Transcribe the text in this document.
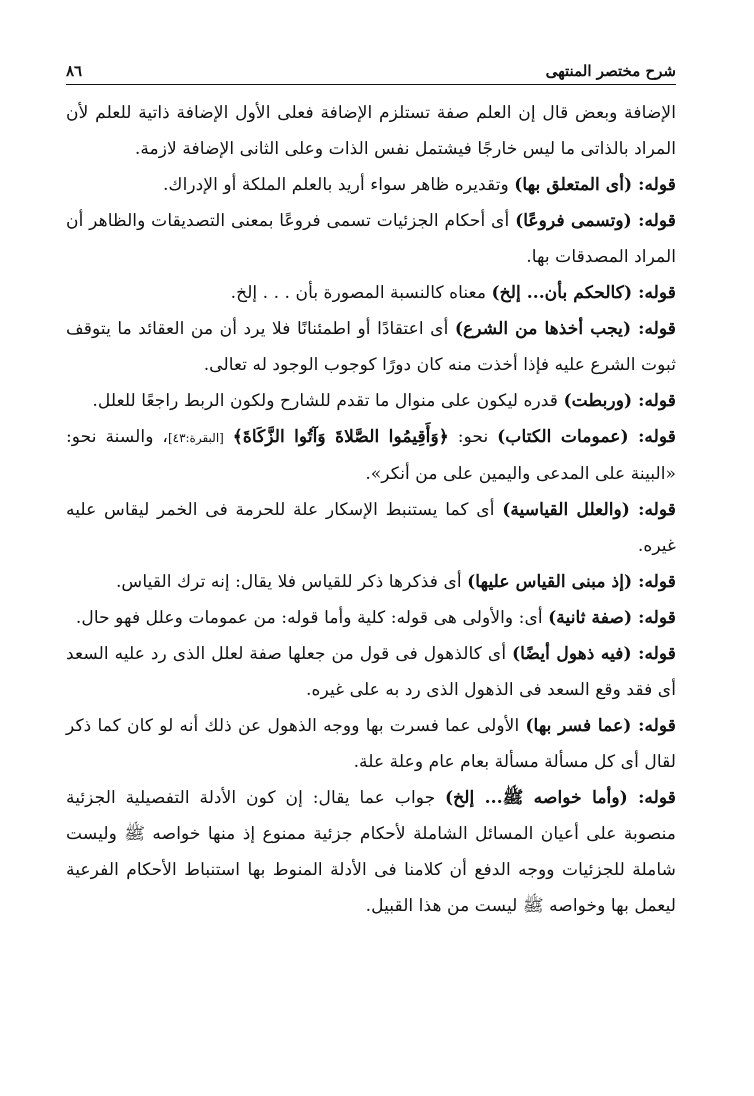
شرح مختصر المنتهى
٨٦

الإضافة وبعض قال إن العلم صفة تستلزم الإضافة فعلى الأول الإضافة ذاتية للعلم لأن المراد بالذاتى ما ليس خارجًا فيشتمل نفس الذات وعلى الثانى الإضافة لازمة.

قوله: (أى المتعلق بها) وتقديره ظاهر سواء أريد بالعلم الملكة أو الإدراك.

قوله: (وتسمى فروعًا) أى أحكام الجزئيات تسمى فروعًا بمعنى التصديقات والظاهر أن المراد المصدقات بها.

قوله: (كالحكم بأن... إلخ) معناه كالنسبة المصورة بأن . . . إلخ.

قوله: (يجب أخذها من الشرع) أى اعتقادًا أو اطمئنانًا فلا يرد أن من العقائد ما يتوقف ثبوت الشرع عليه فإذا أخذت منه كان دورًا كوجوب الوجود له تعالى.

قوله: (وربطت) قدره ليكون على منوال ما تقدم للشارح ولكون الربط راجعًا للعلل.

قوله: (عمومات الكتاب) نحو: ﴿وَأَقِيمُوا الصَّلاةَ وَآتُوا الزَّكَاةَ﴾ [البقرة:٤٣]، والسنة نحو: «البينة على المدعى واليمين على من أنكر».

قوله: (والعلل القياسية) أى كما يستنبط الإسكار علة للحرمة فى الخمر ليقاس عليه غيره.

قوله: (إذ مبنى القياس عليها) أى فذكرها ذكر للقياس فلا يقال: إنه ترك القياس.

قوله: (صفة ثانية) أى: والأولى هى قوله: كلية وأما قوله: من عمومات وعلل فهو حال.

قوله: (فيه ذهول أيضًا) أى كالذهول فى قول من جعلها صفة لعلل الذى رد عليه السعد أى فقد وقع السعد فى الذهول الذى رد به على غيره.

قوله: (عما فسر بها) الأولى عما فسرت بها ووجه الذهول عن ذلك أنه لو كان كما ذكر لقال أى كل مسألة مسألة بعام عام وعلة علة.

قوله: (وأما خواصه ﷺ... إلخ) جواب عما يقال: إن كون الأدلة التفصيلية الجزئية منصوبة على أعيان المسائل الشاملة لأحكام جزئية ممنوع إذ منها خواصه ﷺ وليست شاملة للجزئيات ووجه الدفع أن كلامنا فى الأدلة المنوط بها استنباط الأحكام الفرعية ليعمل بها وخواصه ﷺ ليست من هذا القبيل.
